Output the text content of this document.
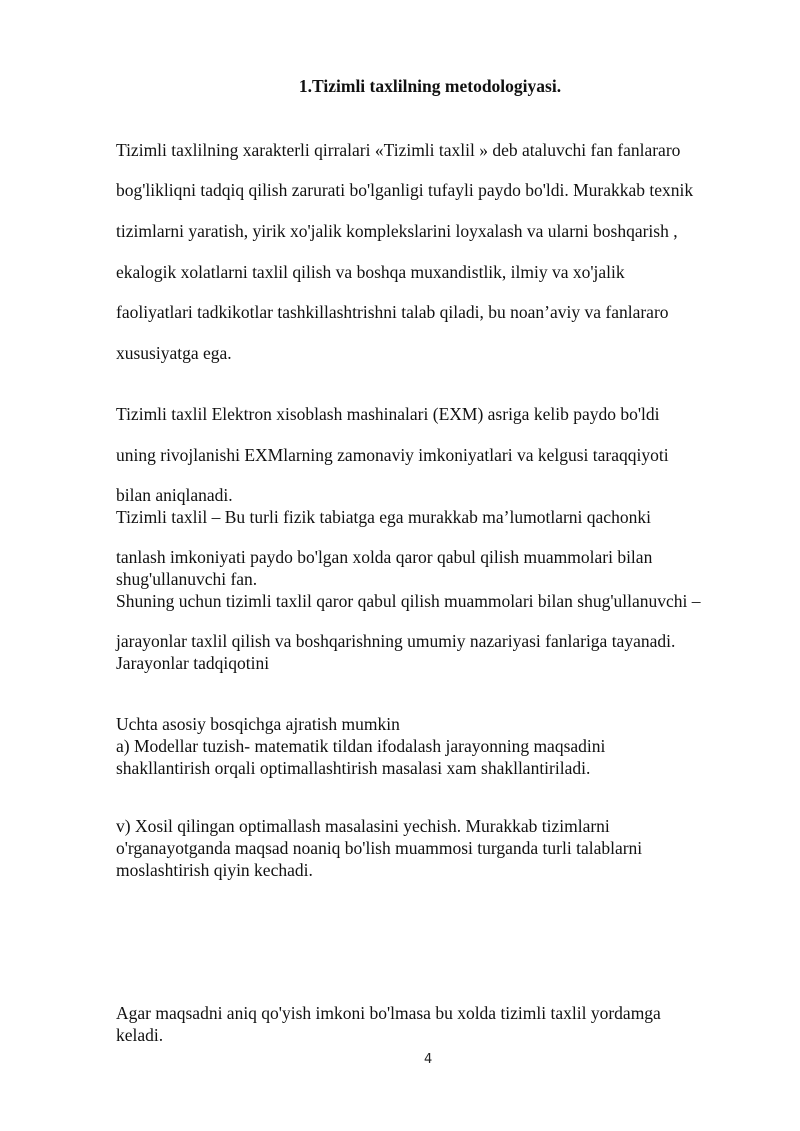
1.Tizimli taxlilning metodologiyasi.
Tizimli taxlilning xarakterli qirralari «Tizimli taxlil » deb ataluvchi fan fanlararo
bog'likliqni tadqiq qilish zarurati bo'lganligi tufayli paydo bo'ldi. Murakkab texnik
tizimlarni yaratish, yirik xo'jalik komplekslarini loyxalash va ularni boshqarish ,
ekalogik xolatlarni taxlil qilish va boshqa muxandistlik, ilmiy va xo'jalik
faoliyatlari tadkikotlar tashkillashtrishni talab qiladi, bu noan’aviy va fanlararo
xususiyatga ega.
Tizimli taxlil Elektron xisoblash mashinalari (EXM) asriga kelib paydo bo'ldi
uning rivojlanishi EXMlarning zamonaviy imkoniyatlari va kelgusi taraqqiyoti
bilan aniqlanadi.
Tizimli taxlil – Bu turli fizik tabiatga ega murakkab ma’lumotlarni qachonki
tanlash imkoniyati paydo bo'lgan xolda qaror qabul qilish muammolari bilan
shug'ullanuvchi fan.
Shuning uchun tizimli taxlil qaror qabul qilish muammolari bilan shug'ullanuvchi –
jarayonlar taxlil qilish va boshqarishning umumiy nazariyasi fanlariga tayanadi.
Jarayonlar tadqiqotini
Uchta asosiy bosqichga ajratish mumkin
a) Modellar tuzish- matematik tildan ifodalash jarayonning maqsadini
shakllantirish orqali optimallashtirish masalasi xam shakllantiriladi.
v) Xosil qilingan optimallash masalasini yechish. Murakkab tizimlarni
o'rganayotganda maqsad noaniq bo'lish muammosi turganda turli talablarni
moslashtirish qiyin kechadi.
Agar maqsadni aniq qo'yish imkoni bo'lmasa bu xolda tizimli taxlil yordamga
keladi.
4
